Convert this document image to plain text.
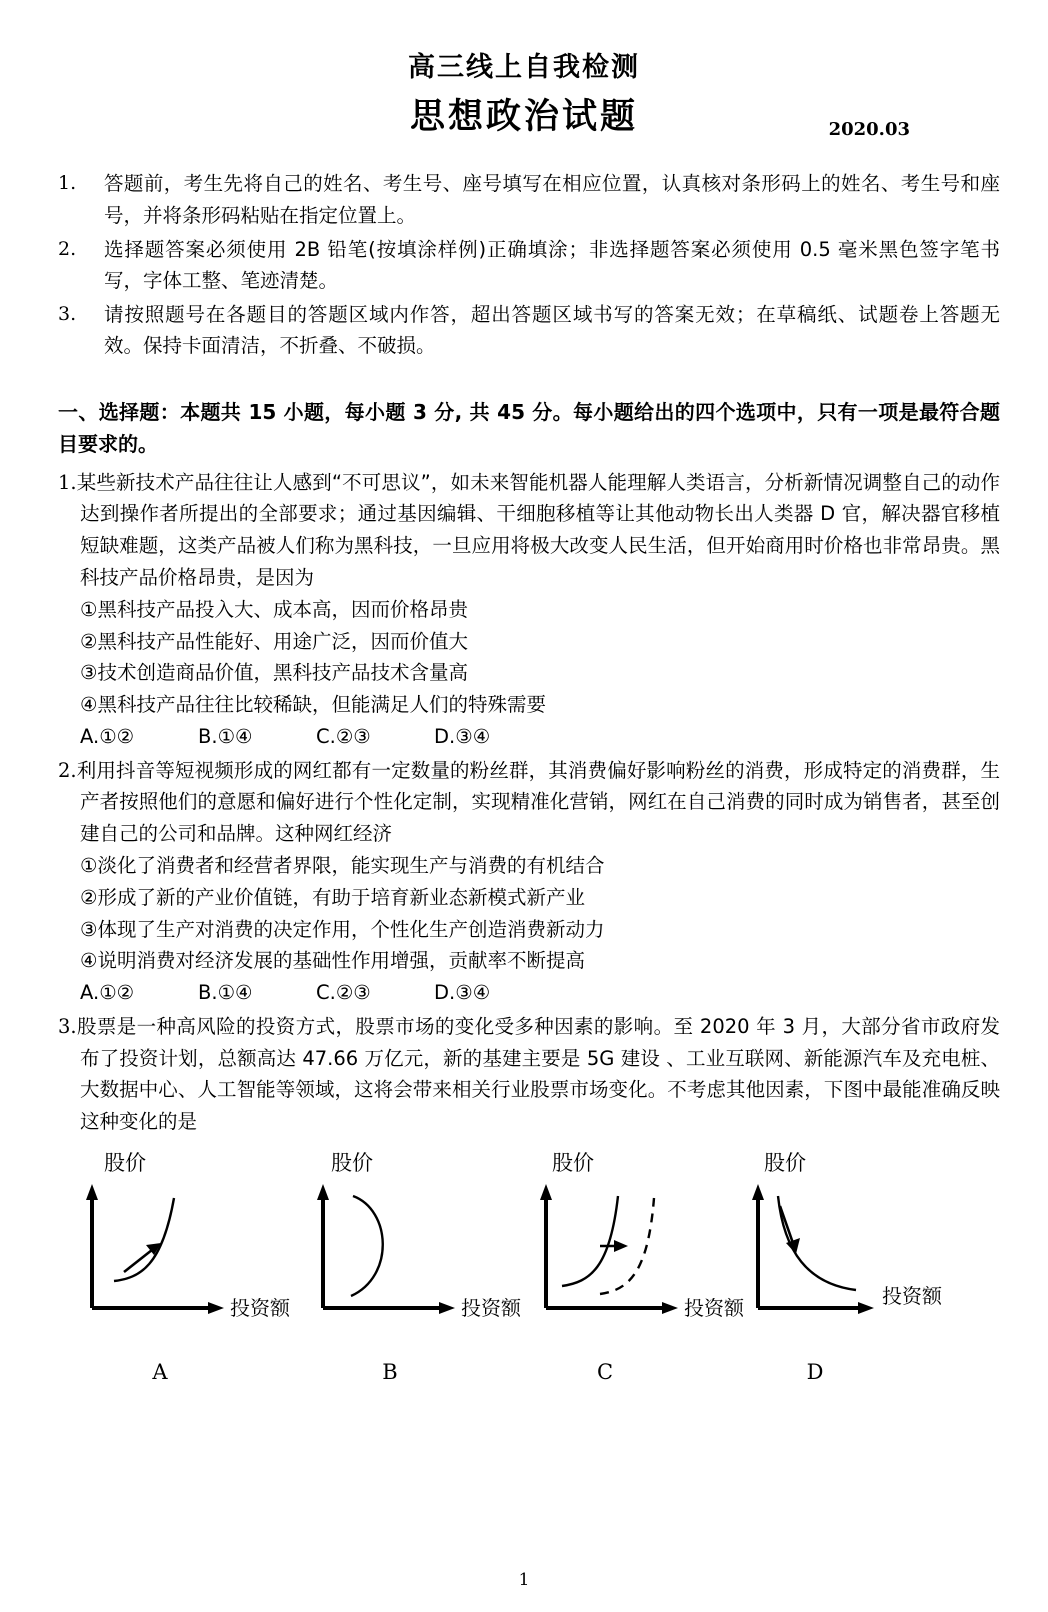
高三线上自我检测
思想政治试题	2020.03
1.	答题前，考生先将自己的姓名、考生号、座号填写在相应位置，认真核对条形码上的姓名、考生号和座号，并将条形码粘贴在指定位置上。
2.	选择题答案必须使用 2B 铅笔(按填涂样例)正确填涂；非选择题答案必须使用 0.5 毫米黑色签字笔书写，字体工整、笔迹清楚。
3.	请按照题号在各题目的答题区域内作答，超出答题区域书写的答案无效；在草稿纸、试题卷上答题无效。保持卡面清洁，不折叠、不破损。
一、选择题：本题共 15 小题，每小题 3 分, 共 45 分。每小题给出的四个选项中，只有一项是最符合题目要求的。
1.某些新技术产品往往让人感到“不可思议”，如未来智能机器人能理解人类语言，分析新情况调整自己的动作达到操作者所提出的全部要求；通过基因编辑、干细胞移植等让其他动物长出人类器 D 官，解决器官移植短缺难题，这类产品被人们称为黑科技，一旦应用将极大改变人民生活，但开始商用时价格也非常昂贵。黑科技产品价格昂贵，是因为
①黑科技产品投入大、成本高，因而价格昂贵
②黑科技产品性能好、用途广泛，因而价值大
③技术创造商品价值，黑科技产品技术含量高
④黑科技产品往往比较稀缺，但能满足人们的特殊需要
A.①②	B.①④	C.②③	D.③④
2.利用抖音等短视频形成的网红都有一定数量的粉丝群，其消费偏好影响粉丝的消费，形成特定的消费群，生产者按照他们的意愿和偏好进行个性化定制，实现精准化营销，网红在自己消费的同时成为销售者，甚至创建自己的公司和品牌。这种网红经济
①淡化了消费者和经营者界限，能实现生产与消费的有机结合
②形成了新的产业价值链，有助于培育新业态新模式新产业
③体现了生产对消费的决定作用，个性化生产创造消费新动力
④说明消费对经济发展的基础性作用增强，贡献率不断提高
A.①②	B.①④	C.②③	D.③④
3.股票是一种高风险的投资方式，股票市场的变化受多种因素的影响。至 2020 年 3 月，大部分省市政府发布了投资计划，总额高达 47.66 万亿元，新的基建主要是 5G 建设 、工业互联网、新能源汽车及充电桩、大数据中心、人工智能等领域，这将会带来相关行业股票市场变化。不考虑其他因素，下图中最能准确反映这种变化的是
股价
投资额
股价
投资额
股价
投资额
股价
投资额
A	B	C	D
1
